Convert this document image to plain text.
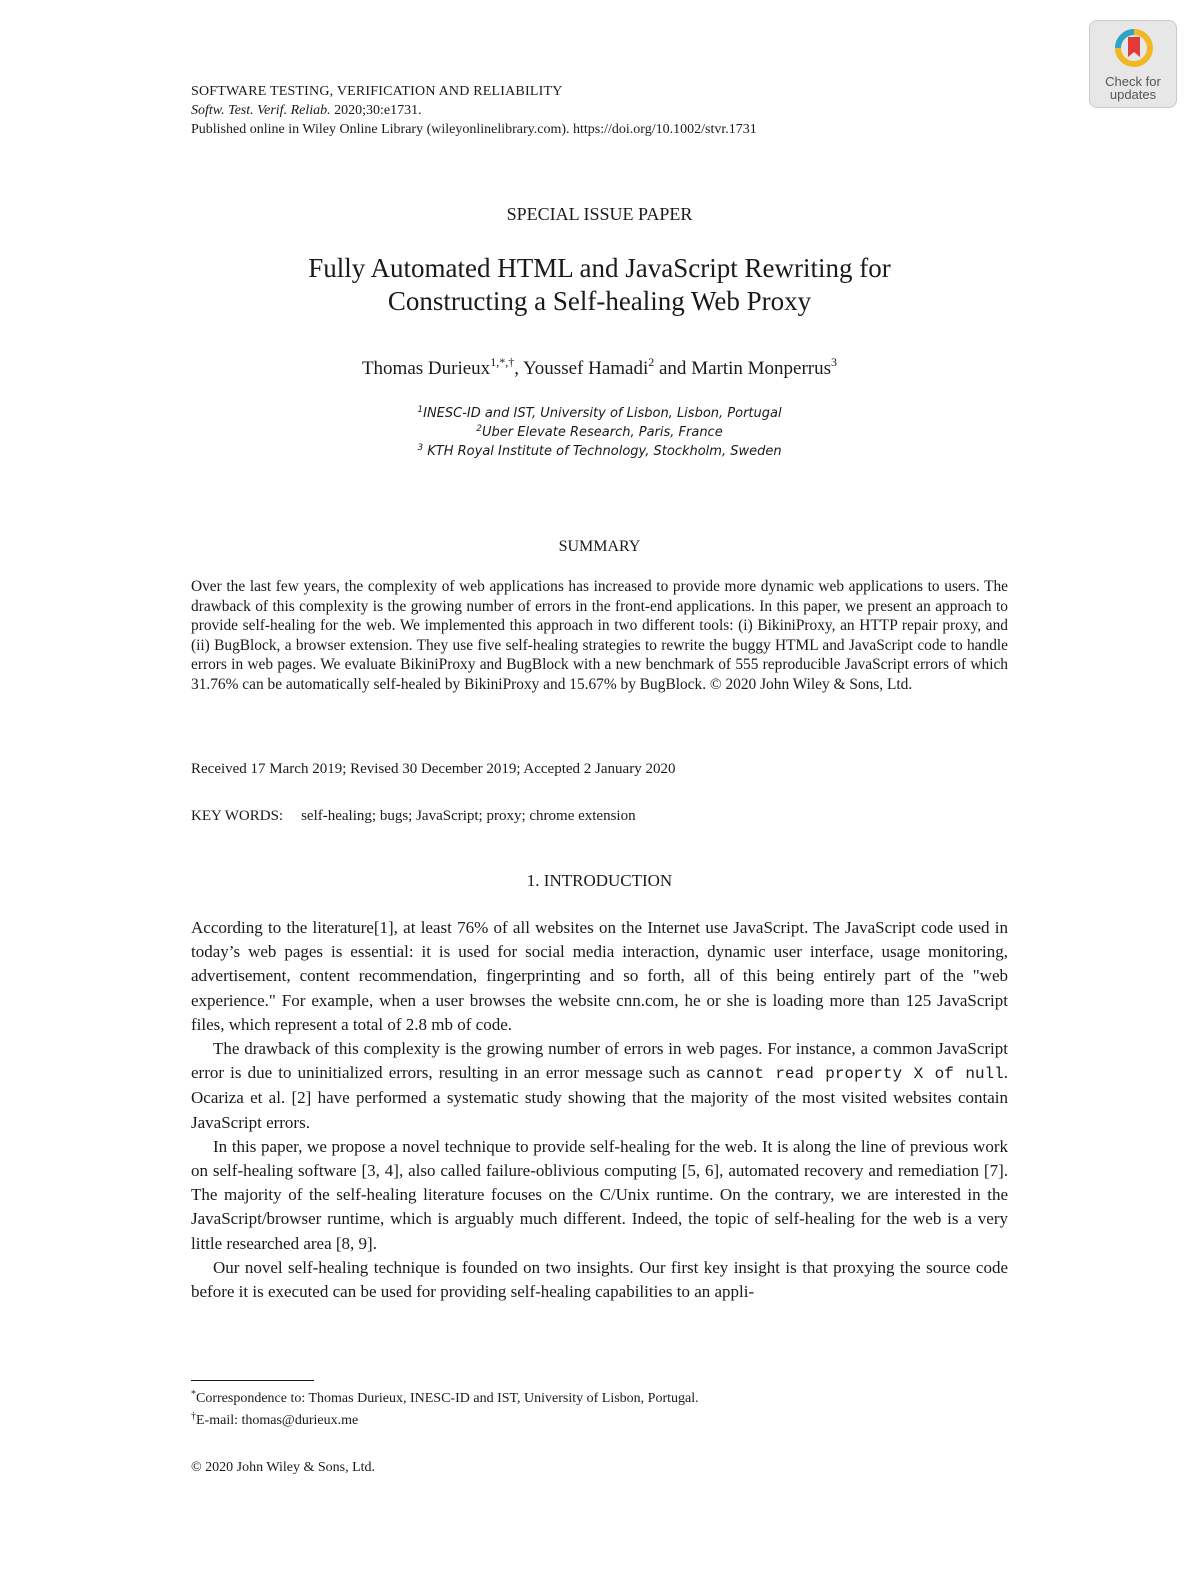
Check for
updates
SOFTWARE TESTING, VERIFICATION AND RELIABILITY
Softw. Test. Verif. Reliab. 2020;30:e1731.
Published online in Wiley Online Library (wileyonlinelibrary.com). https://doi.org/10.1002/stvr.1731
SPECIAL ISSUE PAPER
Fully Automated HTML and JavaScript Rewriting for
Constructing a Self-healing Web Proxy
Thomas Durieux$^{1,*,\dagger}$, Youssef Hamadi$^2$ and Martin Monperrus$^3$
$^1$INESC-ID and IST, University of Lisbon, Lisbon, Portugal
$^2$Uber Elevate Research, Paris, France
$^3$ KTH Royal Institute of Technology, Stockholm, Sweden
SUMMARY

Over the last few years, the complexity of web applications has increased to provide more dynamic web applications to users. The drawback of this complexity is the growing number of errors in the front-end applications. In this paper, we present an approach to provide self-healing for the web. We implemented this approach in two different tools: (i) BikiniProxy, an HTTP repair proxy, and (ii) BugBlock, a browser extension. They use five self-healing strategies to rewrite the buggy HTML and JavaScript code to handle errors in web pages. We evaluate BikiniProxy and BugBlock with a new benchmark of 555 reproducible JavaScript errors of which 31.76% can be automatically self-healed by BikiniProxy and 15.67% by BugBlock. © 2020 John Wiley & Sons, Ltd.

Received 17 March 2019; Revised 30 December 2019; Accepted 2 January 2020
KEY WORDS: self-healing; bugs; JavaScript; proxy; chrome extension
1. INTRODUCTION

According to the literature[1], at least 76% of all websites on the Internet use JavaScript. The JavaScript code used in today’s web pages is essential: it is used for social media interaction, dynamic user interface, usage monitoring, advertisement, content recommendation, fingerprinting and so forth, all of this being entirely part of the "web experience." For example, when a user browses the website cnn.com, he or she is loading more than 125 JavaScript files, which represent a total of 2.8 mb of code.

The drawback of this complexity is the growing number of errors in web pages. For instance, a common JavaScript error is due to uninitialized errors, resulting in an error message such as cannot read property X of null. Ocariza et al. [2] have performed a systematic study showing that the majority of the most visited websites contain JavaScript errors.

In this paper, we propose a novel technique to provide self-healing for the web. It is along the line of previous work on self-healing software [3, 4], also called failure-oblivious computing [5, 6], automated recovery and remediation [7]. The majority of the self-healing literature focuses on the C/Unix runtime. On the contrary, we are interested in the JavaScript/browser runtime, which is arguably much different. Indeed, the topic of self-healing for the web is a very little researched area [8, 9].

Our novel self-healing technique is founded on two insights. Our first key insight is that proxying the source code before it is executed can be used for providing self-healing capabilities to an appli-

*Correspondence to: Thomas Durieux, INESC-ID and IST, University of Lisbon, Portugal.
†E-mail: thomas@durieux.me
© 2020 John Wiley & Sons, Ltd.
